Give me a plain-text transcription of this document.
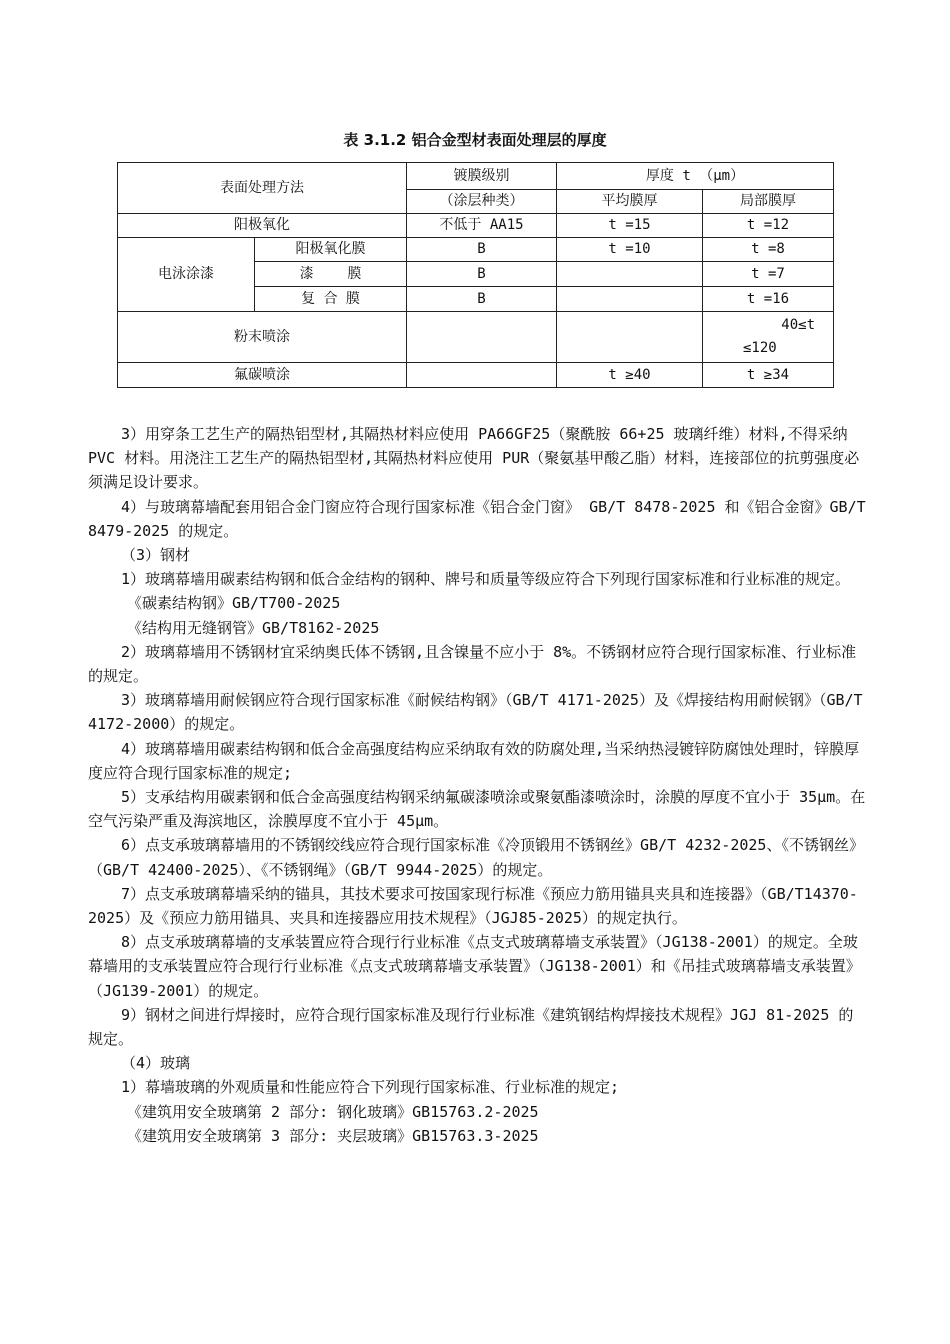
表 3.1.2 铝合金型材表面处理层的厚度
表面处理方法		镀膜级别	厚度 t （μm）	
		（涂层种类）	平均膜厚	局部膜厚
阳极氧化		不低于 AA15	t =15	t =12
电泳涂漆	阳极氧化膜	B	t =10	t =8
	漆    膜	B		t =7
	复 合 膜	B		t =16
粉末喷涂				40≤t
≤120

氟碳喷涂			t ≥40	t ≥34

3）用穿条工艺生产的隔热铝型材,其隔热材料应使用 PA66GF25（聚酰胺 66+25 玻璃纤维）材料,不得采纳 PVC 材料。用浇注工艺生产的隔热铝型材,其隔热材料应使用 PUR（聚氨基甲酸乙脂）材料，连接部位的抗剪强度必须满足设计要求。

4）与玻璃幕墙配套用铝合金门窗应符合现行国家标准《铝合金门窗》 GB/T 8478-2025 和《铝合金窗》GB/T 8479-2025 的规定。

（3）钢材

1）玻璃幕墙用碳素结构钢和低合金结构的钢种、牌号和质量等级应符合下列现行国家标准和行业标准的规定。

《碳素结构钢》GB/T700-2025

《结构用无缝钢管》GB/T8162-2025

2）玻璃幕墙用不锈钢材宜采纳奥氏体不锈钢,且含镍量不应小于 8%。不锈钢材应符合现行国家标准、行业标准的规定。

3）玻璃幕墙用耐候钢应符合现行国家标准《耐候结构钢》（GB/T 4171-2025）及《焊接结构用耐候钢》（GB/T 4172-2000）的规定。

4）玻璃幕墙用碳素结构钢和低合金高强度结构应采纳取有效的防腐处理,当采纳热浸镀锌防腐蚀处理时，锌膜厚度应符合现行国家标准的规定;

5）支承结构用碳素钢和低合金高强度结构钢采纳氟碳漆喷涂或聚氨酯漆喷涂时，涂膜的厚度不宜小于 35μm。在空气污染严重及海滨地区，涂膜厚度不宜小于 45μm。

6）点支承玻璃幕墙用的不锈钢绞线应符合现行国家标准《冷顶锻用不锈钢丝》GB/T 4232-2025、《不锈钢丝》（GB/T 42400-2025）、《不锈钢绳》（GB/T 9944-2025）的规定。

7）点支承玻璃幕墙采纳的锚具，其技术要求可按国家现行标准《预应力筋用锚具夹具和连接器》（GB/T14370-2025）及《预应力筋用锚具、夹具和连接器应用技术规程》（JGJ85-2025）的规定执行。

8）点支承玻璃幕墙的支承装置应符合现行行业标准《点支式玻璃幕墙支承装置》（JG138-2001）的规定。全玻幕墙用的支承装置应符合现行行业标准《点支式玻璃幕墙支承装置》（JG138-2001）和《吊挂式玻璃幕墙支承装置》（JG139-2001）的规定。

9）钢材之间进行焊接时，应符合现行国家标准及现行行业标准《建筑钢结构焊接技术规程》JGJ 81-2025 的规定。

（4）玻璃

1）幕墙玻璃的外观质量和性能应符合下列现行国家标准、行业标准的规定;

《建筑用安全玻璃第 2 部分: 钢化玻璃》GB15763.2-2025

《建筑用安全玻璃第 3 部分: 夹层玻璃》GB15763.3-2025
